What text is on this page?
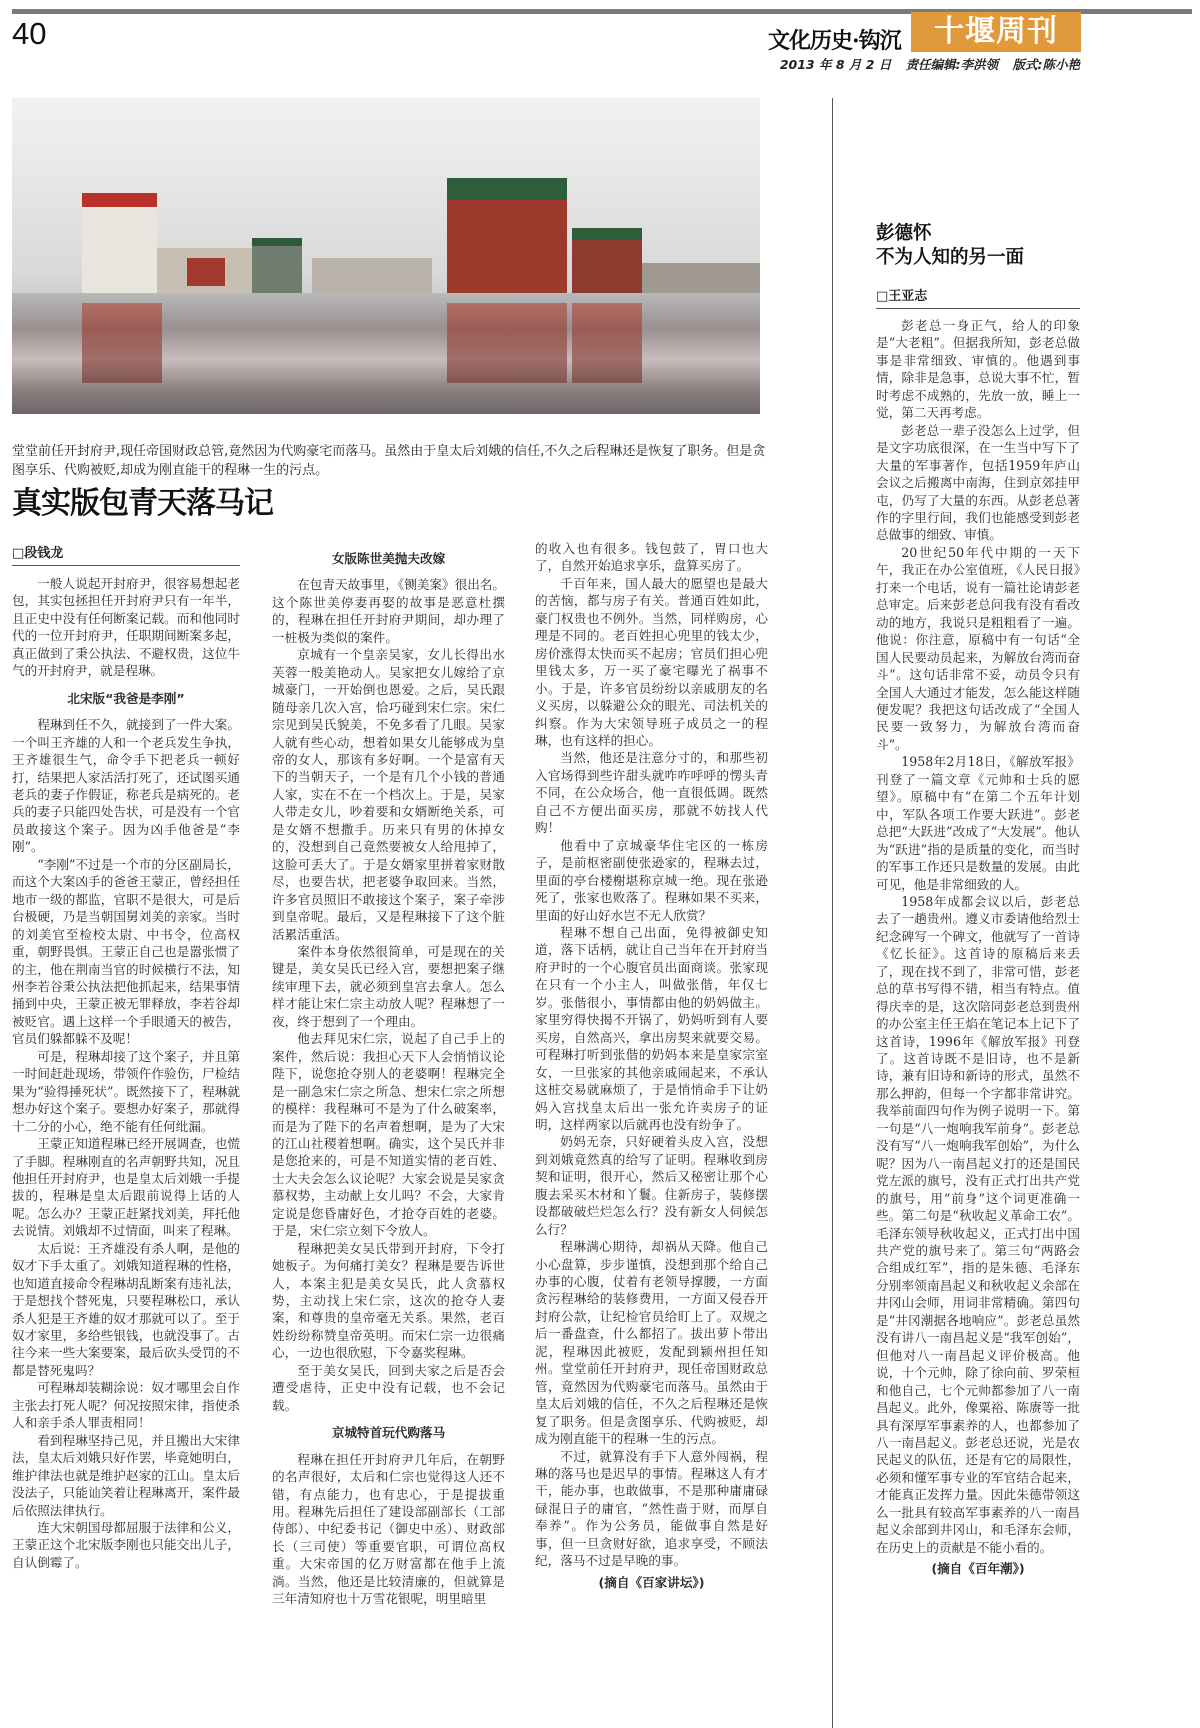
40	文化历史·钩沉	十堰周刊
2013 年 8 月 2 日 责任编辑:李洪领 版式:陈小艳
堂堂前任开封府尹,现任帝国财政总管,竟然因为代购豪宅而落马。虽然由于皇太后刘娥的信任,不久之后程琳还是恢复了职务。但是贪图享乐、代购被贬,却成为刚直能干的程琳一生的污点。
真实版包青天落马记
□段钱龙

一般人说起开封府尹，很容易想起老包，其实包拯担任开封府尹只有一年半，且正史中没有任何断案记载。而和他同时代的一位开封府尹，任职期间断案多起，真正做到了秉公执法、不避权贵，这位牛气的开封府尹，就是程琳。

北宋版“我爸是李刚”

程琳到任不久，就接到了一件大案。一个叫王齐雄的人和一个老兵发生争执，王齐雄很生气，命令手下把老兵一顿好打，结果把人家活活打死了，还试图买通老兵的妻子作假证，称老兵是病死的。老兵的妻子只能四处告状，可是没有一个官员敢接这个案子。因为凶手他爸是“李刚”。

“李刚”不过是一个市的分区副局长，而这个大案凶手的爸爸王蒙正，曾经担任地市一级的都监，官职不是很大，可是后台极硬，乃是当朝国舅刘美的亲家。当时的刘美官至检校太尉、中书令，位高权重，朝野畏惧。王蒙正自己也是嚣张惯了的主，他在荆南当官的时候横行不法，知州李若谷秉公执法把他抓起来，结果事情捅到中央，王蒙正被无罪释放，李若谷却被贬官。遇上这样一个手眼通天的被告，官员们躲都躲不及呢！

可是，程琳却接了这个案子，并且第一时间赶赴现场，带领仵作验伤，尸检结果为“验得捶死状”。既然接下了，程琳就想办好这个案子。要想办好案子，那就得十二分的小心，绝不能有任何纰漏。

王蒙正知道程琳已经开展调查，也慌了手脚。程琳刚直的名声朝野共知，况且他担任开封府尹，也是皇太后刘娥一手提拔的，程琳是皇太后跟前说得上话的人呢。怎么办？王蒙正赶紧找刘美，拜托他去说情。刘娥却不过情面，叫来了程琳。

太后说：王齐雄没有杀人啊，是他的奴才下手太重了。刘娥知道程琳的性格，也知道直接命令程琳胡乱断案有违礼法，于是想找个替死鬼，只要程琳松口，承认杀人犯是王齐雄的奴才那就可以了。至于奴才家里，多给些银钱，也就没事了。古往今来一些大案要案，最后砍头受罚的不都是替死鬼吗？

可程琳却装糊涂说：奴才哪里会自作主张去打死人呢？何况按照宋律，指使杀人和亲手杀人罪责相同！

看到程琳坚持己见，并且搬出大宋律法，皇太后刘娥只好作罢，毕竟她明白，维护律法也就是维护赵家的江山。皇太后没法子，只能讪笑着让程琳离开，案件最后依照法律执行。

连大宋朝国母都屈服于法律和公义，王蒙正这个北宋版李刚也只能交出儿子，自认倒霉了。

女版陈世美抛夫改嫁

在包青天故事里，《铡美案》很出名。这个陈世美停妻再娶的故事是恶意杜撰的，程琳在担任开封府尹期间，却办理了一桩极为类似的案件。

京城有一个皇亲吴家，女儿长得出水芙蓉一般美艳动人。吴家把女儿嫁给了京城豪门，一开始倒也恩爱。之后，吴氏跟随母亲几次入宫，恰巧碰到宋仁宗。宋仁宗见到吴氏貌美，不免多看了几眼。吴家人就有些心动，想着如果女儿能够成为皇帝的女人，那该有多好啊。一个是富有天下的当朝天子，一个是有几个小钱的普通人家，实在不在一个档次上。于是，吴家人带走女儿，吵着要和女婿断绝关系，可是女婿不想撒手。历来只有男的休掉女的，没想到自己竟然要被女人给甩掉了，这脸可丢大了。于是女婿家里拼着家财散尽，也要告状，把老婆争取回来。当然，许多官员照旧不敢接这个案子，案子牵涉到皇帝呢。最后，又是程琳接下了这个脏活累活重活。

案件本身依然很简单，可是现在的关键是，美女吴氏已经入宫，要想把案子继续审理下去，就必须到皇宫去拿人。怎么样才能让宋仁宗主动放人呢？程琳想了一夜，终于想到了一个理由。

他去拜见宋仁宗，说起了自己手上的案件，然后说：我担心天下人会悄悄议论陛下，说您抢夺别人的老婆啊！程琳完全是一副急宋仁宗之所急、想宋仁宗之所想的模样：我程琳可不是为了什么破案率，而是为了陛下的名声着想啊，是为了大宋的江山社稷着想啊。确实，这个吴氏并非是您抢来的，可是不知道实情的老百姓、士大夫会怎么议论呢？大家会说是吴家贪慕权势，主动献上女儿吗？不会，大家肯定说是您昏庸好色，才抢夺百姓的老婆。于是，宋仁宗立刻下令放人。

程琳把美女吴氏带到开封府，下令打她板子。为何痛打美女？程琳是要告诉世人，本案主犯是美女吴氏，此人贪慕权势，主动找上宋仁宗，这次的抢夺人妻案，和尊贵的皇帝毫无关系。果然，老百姓纷纷称赞皇帝英明。而宋仁宗一边很痛心，一边也很欣慰，下令嘉奖程琳。

至于美女吴氏，回到夫家之后是否会遭受虐待，正史中没有记载，也不会记载。

京城特首玩代购落马

程琳在担任开封府尹几年后，在朝野的名声很好，太后和仁宗也觉得这人还不错，有点能力，也有忠心，于是提拔重用。程琳先后担任了建设部副部长（工部侍郎）、中纪委书记（御史中丞）、财政部长（三司使）等重要官职，可谓位高权重。大宋帝国的亿万财富都在他手上流淌。当然，他还是比较清廉的，但就算是三年清知府也十万雪花银呢，明里暗里

的收入也有很多。钱包鼓了，胃口也大了，自然开始追求享乐，盘算买房了。

千百年来，国人最大的愿望也是最大的苦恼，都与房子有关。普通百姓如此，豪门权贵也不例外。当然，同样购房，心理是不同的。老百姓担心兜里的钱太少，房价涨得太快而买不起房；官员们担心兜里钱太多，万一买了豪宅曝光了祸事不小。于是，许多官员纷纷以亲戚朋友的名义买房，以躲避公众的眼光、司法机关的纠察。作为大宋领导班子成员之一的程琳，也有这样的担心。

当然，他还是注意分寸的，和那些初入官场得到些许甜头就咋咋呼呼的愣头青不同，在公众场合，他一直很低调。既然自己不方便出面买房，那就不妨找人代购！

他看中了京城豪华住宅区的一栋房子，是前枢密副使张逊家的，程琳去过，里面的亭台楼榭堪称京城一绝。现在张逊死了，张家也败落了。程琳如果不买来，里面的好山好水岂不无人欣赏？

程琳不想自己出面，免得被御史知道，落下话柄，就让自己当年在开封府当府尹时的一个心腹官员出面商谈。张家现在只有一个小主人，叫做张偕，年仅七岁。张偕很小，事情都由他的奶妈做主。家里穷得快揭不开锅了，奶妈听到有人要买房，自然高兴，拿出房契来就要交易。可程琳打听到张偕的奶妈本来是皇家宗室女，一旦张家的其他亲戚闹起来，不承认这桩交易就麻烦了，于是悄悄命手下让奶妈入宫找皇太后出一张允许卖房子的证明，这样两家以后就再也没有纷争了。

奶妈无奈，只好硬着头皮入宫，没想到刘娥竟然真的给写了证明。程琳收到房契和证明，很开心，然后又秘密让那个心腹去采买木材和丫鬟。住新房子，装修摆设都破破烂烂怎么行？没有新女人伺候怎么行？

程琳满心期待，却祸从天降。他自己小心盘算，步步谨慎，没想到那个给自己办事的心腹，仗着有老领导撑腰，一方面贪污程琳给的装修费用，一方面又侵吞开封府公款，让纪检官员给盯上了。双规之后一番盘查，什么都招了。拔出萝卜带出泥，程琳因此被贬，发配到颍州担任知州。堂堂前任开封府尹，现任帝国财政总管，竟然因为代购豪宅而落马。虽然由于皇太后刘娥的信任，不久之后程琳还是恢复了职务。但是贪图享乐、代购被贬，却成为刚直能干的程琳一生的污点。

不过，就算没有手下人意外闯祸，程琳的落马也是迟早的事情。程琳这人有才干，能办事，也敢做事，不是那种庸庸碌碌混日子的庸官，“然性啬于财，而厚自奉养”。作为公务员，能做事自然是好事，但一旦贪财好欲，追求享受，不顾法纪，落马不过是早晚的事。

(摘自《百家讲坛》)

彭德怀
不为人知的另一面
□王亚志

彭老总一身正气，给人的印象是“大老粗”。但据我所知，彭老总做事是非常细致、审慎的。他遇到事情，除非是急事，总说大事不忙，暂时考虑不成熟的，先放一放，睡上一觉，第二天再考虑。

彭老总一辈子没怎么上过学，但是文字功底很深，在一生当中写下了大量的军事著作，包括1959年庐山会议之后搬离中南海，住到京郊挂甲屯，仍写了大量的东西。从彭老总著作的字里行间，我们也能感受到彭老总做事的细致、审慎。

20世纪50年代中期的一天下午，我正在办公室值班，《人民日报》打来一个电话，说有一篇社论请彭老总审定。后来彭老总问我有没有看改动的地方，我说只是粗粗看了一遍。他说：你注意，原稿中有一句话“全国人民要动员起来，为解放台湾而奋斗”。这句话非常不妥，动员令只有全国人大通过才能发，怎么能这样随便发呢？我把这句话改成了“全国人民要一致努力，为解放台湾而奋斗”。

1958年2月18日，《解放军报》刊登了一篇文章《元帅和士兵的愿望》。原稿中有“在第二个五年计划中，军队各项工作要大跃进”。彭老总把“大跃进”改成了“大发展”。他认为“跃进”指的是质量的变化，而当时的军事工作还只是数量的发展。由此可见，他是非常细致的人。

1958年成都会议以后，彭老总去了一趟贵州。遵义市委请他给烈士纪念碑写一个碑文，他就写了一首诗《忆长征》。这首诗的原稿后来丢了，现在找不到了，非常可惜，彭老总的草书写得不错，相当有特点。值得庆幸的是，这次陪同彭老总到贵州的办公室主任王焰在笔记本上记下了这首诗，1996年《解放军报》刊登了。这首诗既不是旧诗，也不是新诗，兼有旧诗和新诗的形式，虽然不那么押韵，但每一个字都非常讲究。我举前面四句作为例子说明一下。第一句是“八一炮响我军前身”。彭老总没有写“八一炮响我军创始”，为什么呢？因为八一南昌起义打的还是国民党左派的旗号，没有正式打出共产党的旗号，用“前身”这个词更准确一些。第二句是“秋收起义革命工农”。毛泽东领导秋收起义，正式打出中国共产党的旗号来了。第三句“两路会合组成红军”，指的是朱德、毛泽东分别率领南昌起义和秋收起义余部在井冈山会师，用词非常精确。第四句是“井冈潮据各地响应”。彭老总虽然没有讲八一南昌起义是“我军创始”，但他对八一南昌起义评价极高。他说，十个元帅，除了徐向前、罗荣桓和他自己，七个元帅都参加了八一南昌起义。此外，像粟裕、陈赓等一批具有深厚军事素养的人，也都参加了八一南昌起义。彭老总还说，光是农民起义的队伍，还是有它的局限性，必须和懂军事专业的军官结合起来，才能真正发挥力量。因此朱德带领这么一批具有较高军事素养的八一南昌起义余部到井冈山，和毛泽东会师，在历史上的贡献是不能小看的。

(摘自《百年潮》)
